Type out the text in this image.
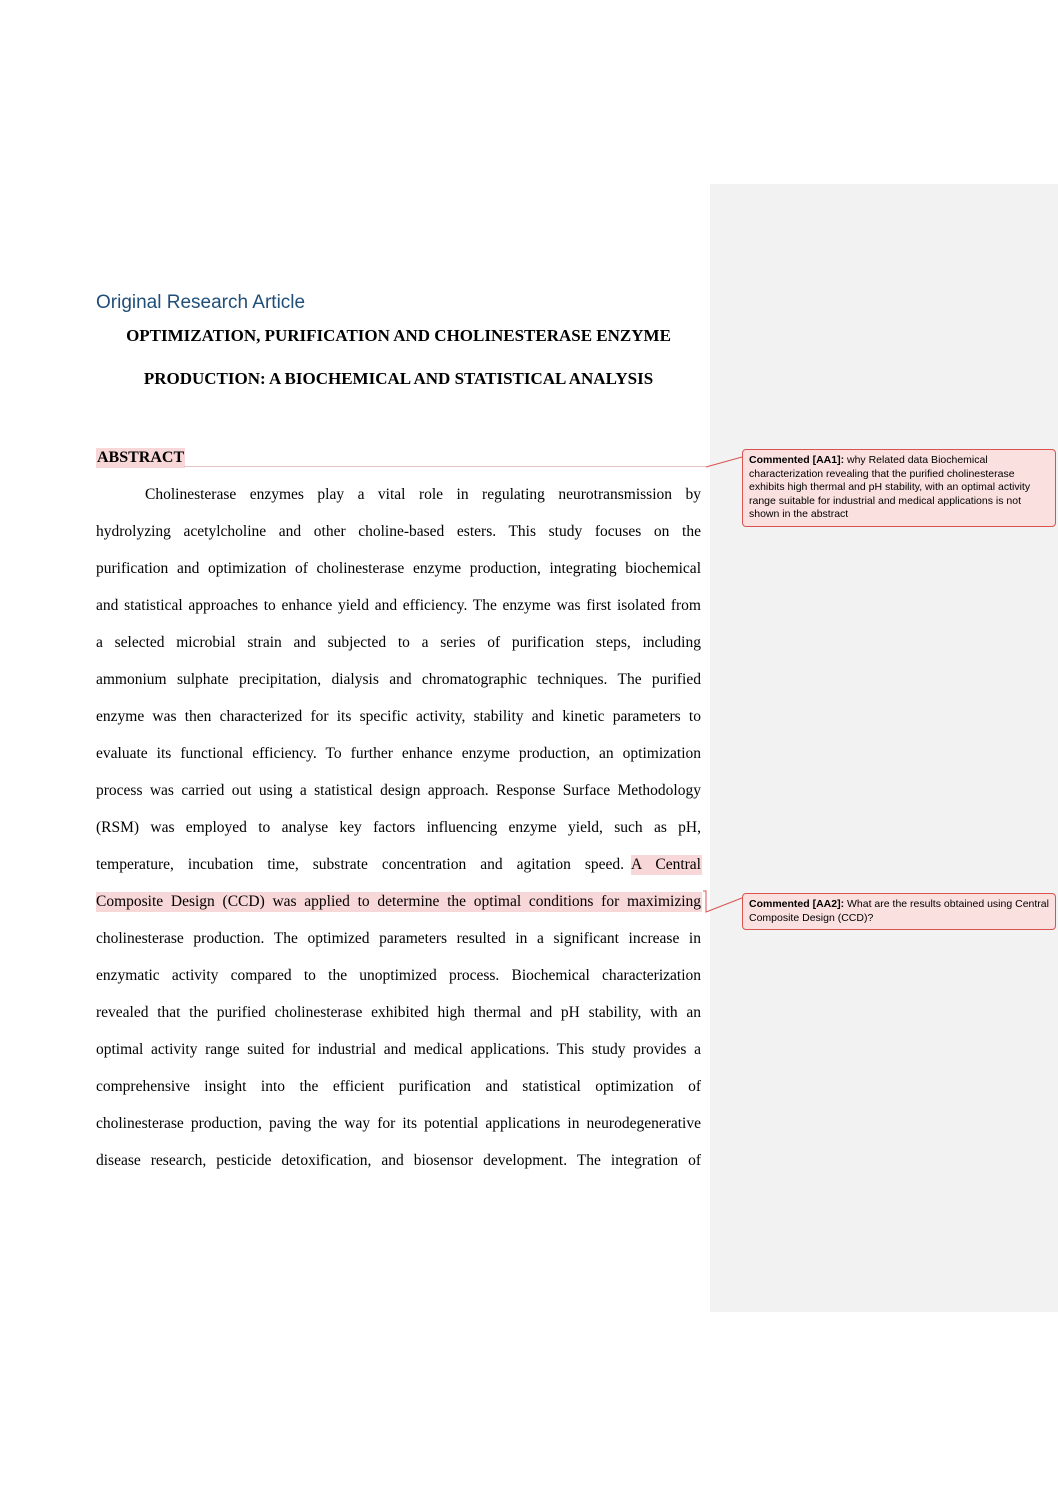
Original Research Article
OPTIMIZATION, PURIFICATION AND CHOLINESTERASE ENZYME
PRODUCTION: A BIOCHEMICAL AND STATISTICAL ANALYSIS
ABSTRACT
Cholinesterase enzymes play a vital role in regulating neurotransmission by
hydrolyzing acetylcholine and other choline-based esters. This study focuses on the
purification and optimization of cholinesterase enzyme production, integrating biochemical
and statistical approaches to enhance yield and efficiency. The enzyme was first isolated from
a selected microbial strain and subjected to a series of purification steps, including
ammonium sulphate precipitation, dialysis and chromatographic techniques. The purified
enzyme was then characterized for its specific activity, stability and kinetic parameters to
evaluate its functional efficiency. To further enhance enzyme production, an optimization
process was carried out using a statistical design approach. Response Surface Methodology
(RSM) was employed to analyse key factors influencing enzyme yield, such as pH,
temperature, incubation time, substrate concentration and agitation speed. A Central
Composite Design (CCD) was applied to determine the optimal conditions for maximizing
cholinesterase production. The optimized parameters resulted in a significant increase in
enzymatic activity compared to the unoptimized process. Biochemical characterization
revealed that the purified cholinesterase exhibited high thermal and pH stability, with an
optimal activity range suited for industrial and medical applications. This study provides a
comprehensive insight into the efficient purification and statistical optimization of
cholinesterase production, paving the way for its potential applications in neurodegenerative
disease research, pesticide detoxification, and biosensor development. The integration of
Commented [AA1]: why Related data Biochemical characterization revealing that the purified cholinesterase exhibits high thermal and pH stability, with an optimal activity range suitable for industrial and medical applications is not shown in the abstract
Commented [AA2]: What are the results obtained using Central Composite Design (CCD)?
